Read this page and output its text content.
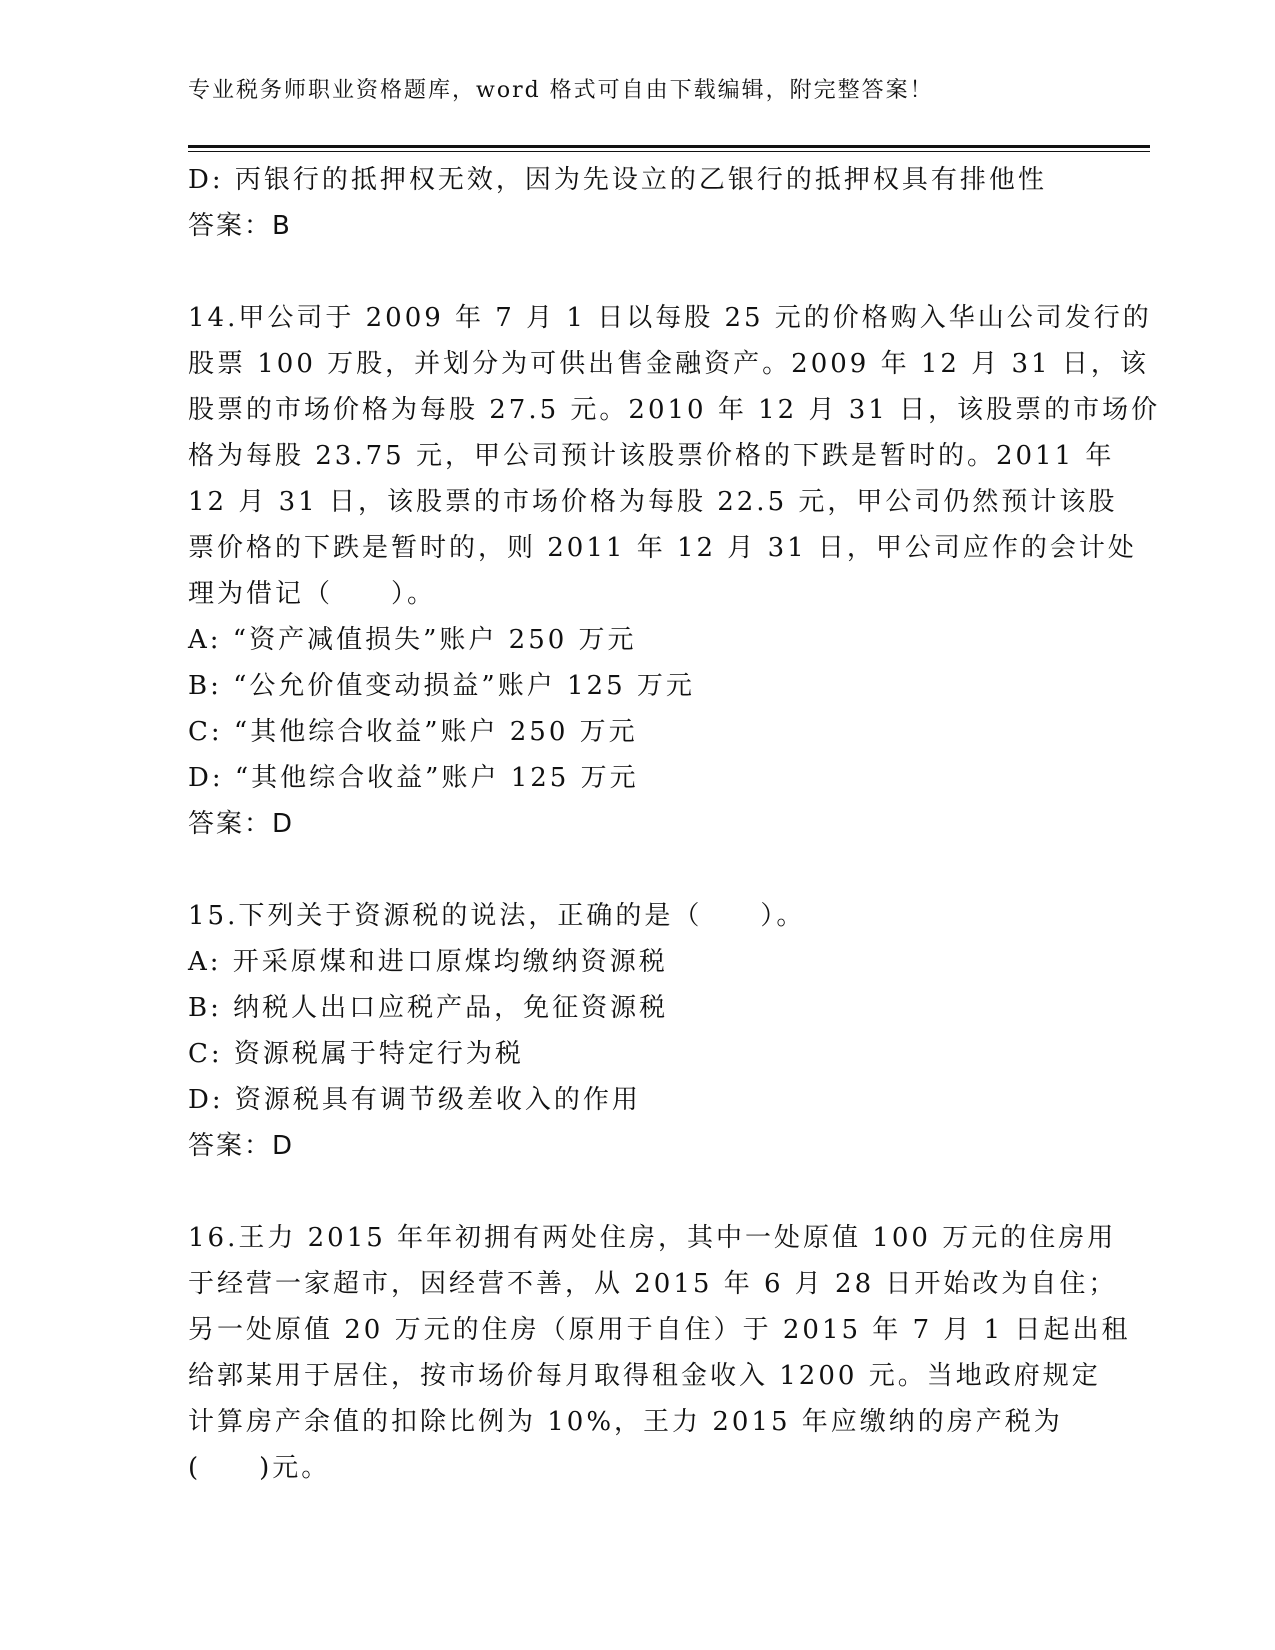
专业税务师职业资格题库，word 格式可自由下载编辑，附完整答案！
D: 丙银行的抵押权无效，因为先设立的乙银行的抵押权具有排他性
答案：B
14.甲公司于 2009 年 7 月 1 日以每股 25 元的价格购入华山公司发行的
股票 100 万股，并划分为可供出售金融资产。2009 年 12 月 31 日，该
股票的市场价格为每股 27.5 元。2010 年 12 月 31 日，该股票的市场价
格为每股 23.75 元，甲公司预计该股票价格的下跌是暂时的。2011 年
12 月 31 日，该股票的市场价格为每股 22.5 元，甲公司仍然预计该股
票价格的下跌是暂时的，则 2011 年 12 月 31 日，甲公司应作的会计处
理为借记（　　）。
A: “资产减值损失”账户 250 万元
B: “公允价值变动损益”账户 125 万元
C: “其他综合收益”账户 250 万元
D: “其他综合收益”账户 125 万元
答案：D
15.下列关于资源税的说法，正确的是（　　）。
A: 开采原煤和进口原煤均缴纳资源税
B: 纳税人出口应税产品，免征资源税
C: 资源税属于特定行为税
D: 资源税具有调节级差收入的作用
答案：D
16.王力 2015 年年初拥有两处住房，其中一处原值 100 万元的住房用
于经营一家超市，因经营不善，从 2015 年 6 月 28 日开始改为自住；
另一处原值 20 万元的住房（原用于自住）于 2015 年 7 月 1 日起出租
给郭某用于居住，按市场价每月取得租金收入 1200 元。当地政府规定
计算房产余值的扣除比例为 10%，王力 2015 年应缴纳的房产税为
(　　)元。
